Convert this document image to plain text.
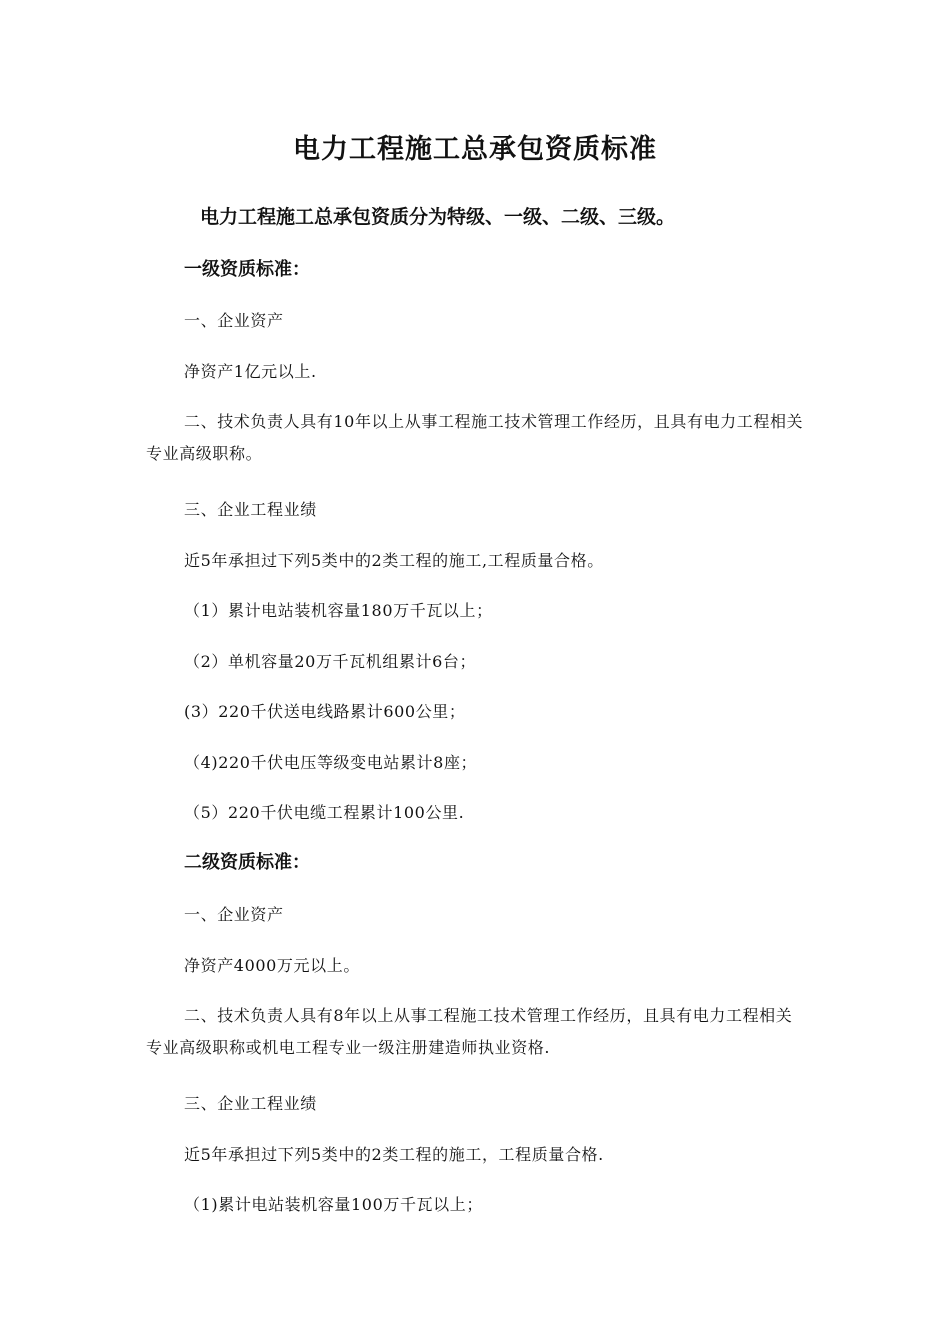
电力工程施工总承包资质标准
电力工程施工总承包资质分为特级、一级、二级、三级。
一级资质标准：
一、企业资产
净资产1亿元以上.
二、技术负责人具有10年以上从事工程施工技术管理工作经历，且具有电力工程相关专业高级职称。
三、企业工程业绩
近5年承担过下列5类中的2类工程的施工,工程质量合格。
（1）累计电站装机容量180万千瓦以上；
（2）单机容量20万千瓦机组累计6台；
(3）220千伏送电线路累计600公里；
（4)220千伏电压等级变电站累计8座；
（5）220千伏电缆工程累计100公里.
二级资质标准：
一、企业资产
净资产4000万元以上。
二、技术负责人具有8年以上从事工程施工技术管理工作经历，且具有电力工程相关专业高级职称或机电工程专业一级注册建造师执业资格.
三、企业工程业绩
近5年承担过下列5类中的2类工程的施工，工程质量合格.
（1)累计电站装机容量100万千瓦以上；
